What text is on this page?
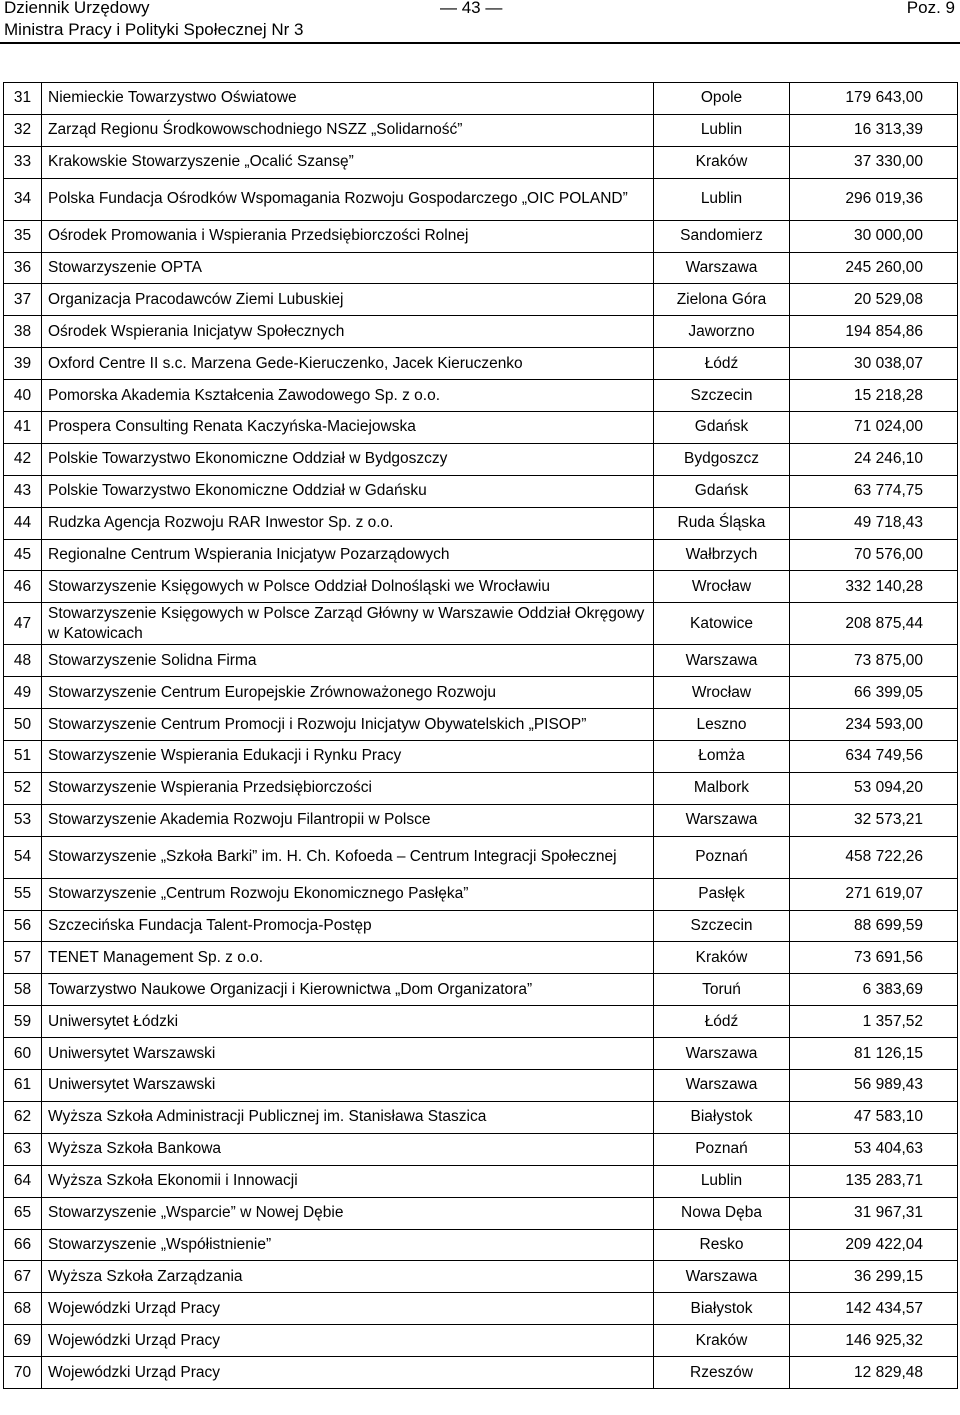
Dziennik Urzędowy
Ministra Pracy i Polityki Społecznej Nr 3
— 43 —	Poz. 9
31	Niemieckie Towarzystwo Oświatowe	Opole	179 643,00
32	Zarząd Regionu Środkowowschodniego NSZZ „Solidarność”	Lublin	16 313,39
33	Krakowskie Stowarzyszenie „Ocalić Szansę”	Kraków	37 330,00
34	Polska Fundacja Ośrodków Wspomagania Rozwoju Gospodarczego „OIC POLAND”	Lublin	296 019,36
35	Ośrodek Promowania i Wspierania Przedsiębiorczości Rolnej	Sandomierz	30 000,00
36	Stowarzyszenie OPTA	Warszawa	245 260,00
37	Organizacja Pracodawców Ziemi Lubuskiej	Zielona Góra	20 529,08
38	Ośrodek Wspierania Inicjatyw Społecznych	Jaworzno	194 854,86
39	Oxford Centre II s.c. Marzena Gede-Kieruczenko, Jacek Kieruczenko	Łódź	30 038,07
40	Pomorska Akademia Kształcenia Zawodowego Sp. z o.o.	Szczecin	15 218,28
41	Prospera Consulting Renata Kaczyńska-Maciejowska	Gdańsk	71 024,00
42	Polskie Towarzystwo Ekonomiczne Oddział w Bydgoszczy	Bydgoszcz	24 246,10
43	Polskie Towarzystwo Ekonomiczne Oddział w Gdańsku	Gdańsk	63 774,75
44	Rudzka Agencja Rozwoju RAR Inwestor Sp. z o.o.	Ruda Śląska	49 718,43
45	Regionalne Centrum Wspierania Inicjatyw Pozarządowych	Wałbrzych	70 576,00
46	Stowarzyszenie Księgowych w Polsce Oddział Dolnośląski we Wrocławiu	Wrocław	332 140,28
47	Stowarzyszenie Księgowych w Polsce Zarząd Główny w Warszawie Oddział Okręgowy w Katowicach	Katowice	208 875,44
48	Stowarzyszenie Solidna Firma	Warszawa	73 875,00
49	Stowarzyszenie Centrum Europejskie Zrównoważonego Rozwoju	Wrocław	66 399,05
50	Stowarzyszenie Centrum Promocji i Rozwoju Inicjatyw Obywatelskich „PISOP”	Leszno	234 593,00
51	Stowarzyszenie Wspierania Edukacji i Rynku Pracy	Łomża	634 749,56
52	Stowarzyszenie Wspierania Przedsiębiorczości	Malbork	53 094,20
53	Stowarzyszenie Akademia Rozwoju Filantropii w Polsce	Warszawa	32 573,21
54	Stowarzyszenie „Szkoła Barki” im. H. Ch. Kofoeda – Centrum Integracji Społecznej	Poznań	458 722,26
55	Stowarzyszenie „Centrum Rozwoju Ekonomicznego Pasłęka”	Pasłęk	271 619,07
56	Szczecińska Fundacja Talent-Promocja-Postęp	Szczecin	88 699,59
57	TENET Management Sp. z o.o.	Kraków	73 691,56
58	Towarzystwo Naukowe Organizacji i Kierownictwa „Dom Organizatora”	Toruń	6 383,69
59	Uniwersytet Łódzki	Łódź	1 357,52
60	Uniwersytet Warszawski	Warszawa	81 126,15
61	Uniwersytet Warszawski	Warszawa	56 989,43
62	Wyższa Szkoła Administracji Publicznej im. Stanisława Staszica	Białystok	47 583,10
63	Wyższa Szkoła Bankowa	Poznań	53 404,63
64	Wyższa Szkoła Ekonomii i Innowacji	Lublin	135 283,71
65	Stowarzyszenie „Wsparcie” w Nowej Dębie	Nowa Dęba	31 967,31
66	Stowarzyszenie „Współistnienie”	Resko	209 422,04
67	Wyższa Szkoła Zarządzania	Warszawa	36 299,15
68	Wojewódzki Urząd Pracy	Białystok	142 434,57
69	Wojewódzki Urząd Pracy	Kraków	146 925,32
70	Wojewódzki Urząd Pracy	Rzeszów	12 829,48
